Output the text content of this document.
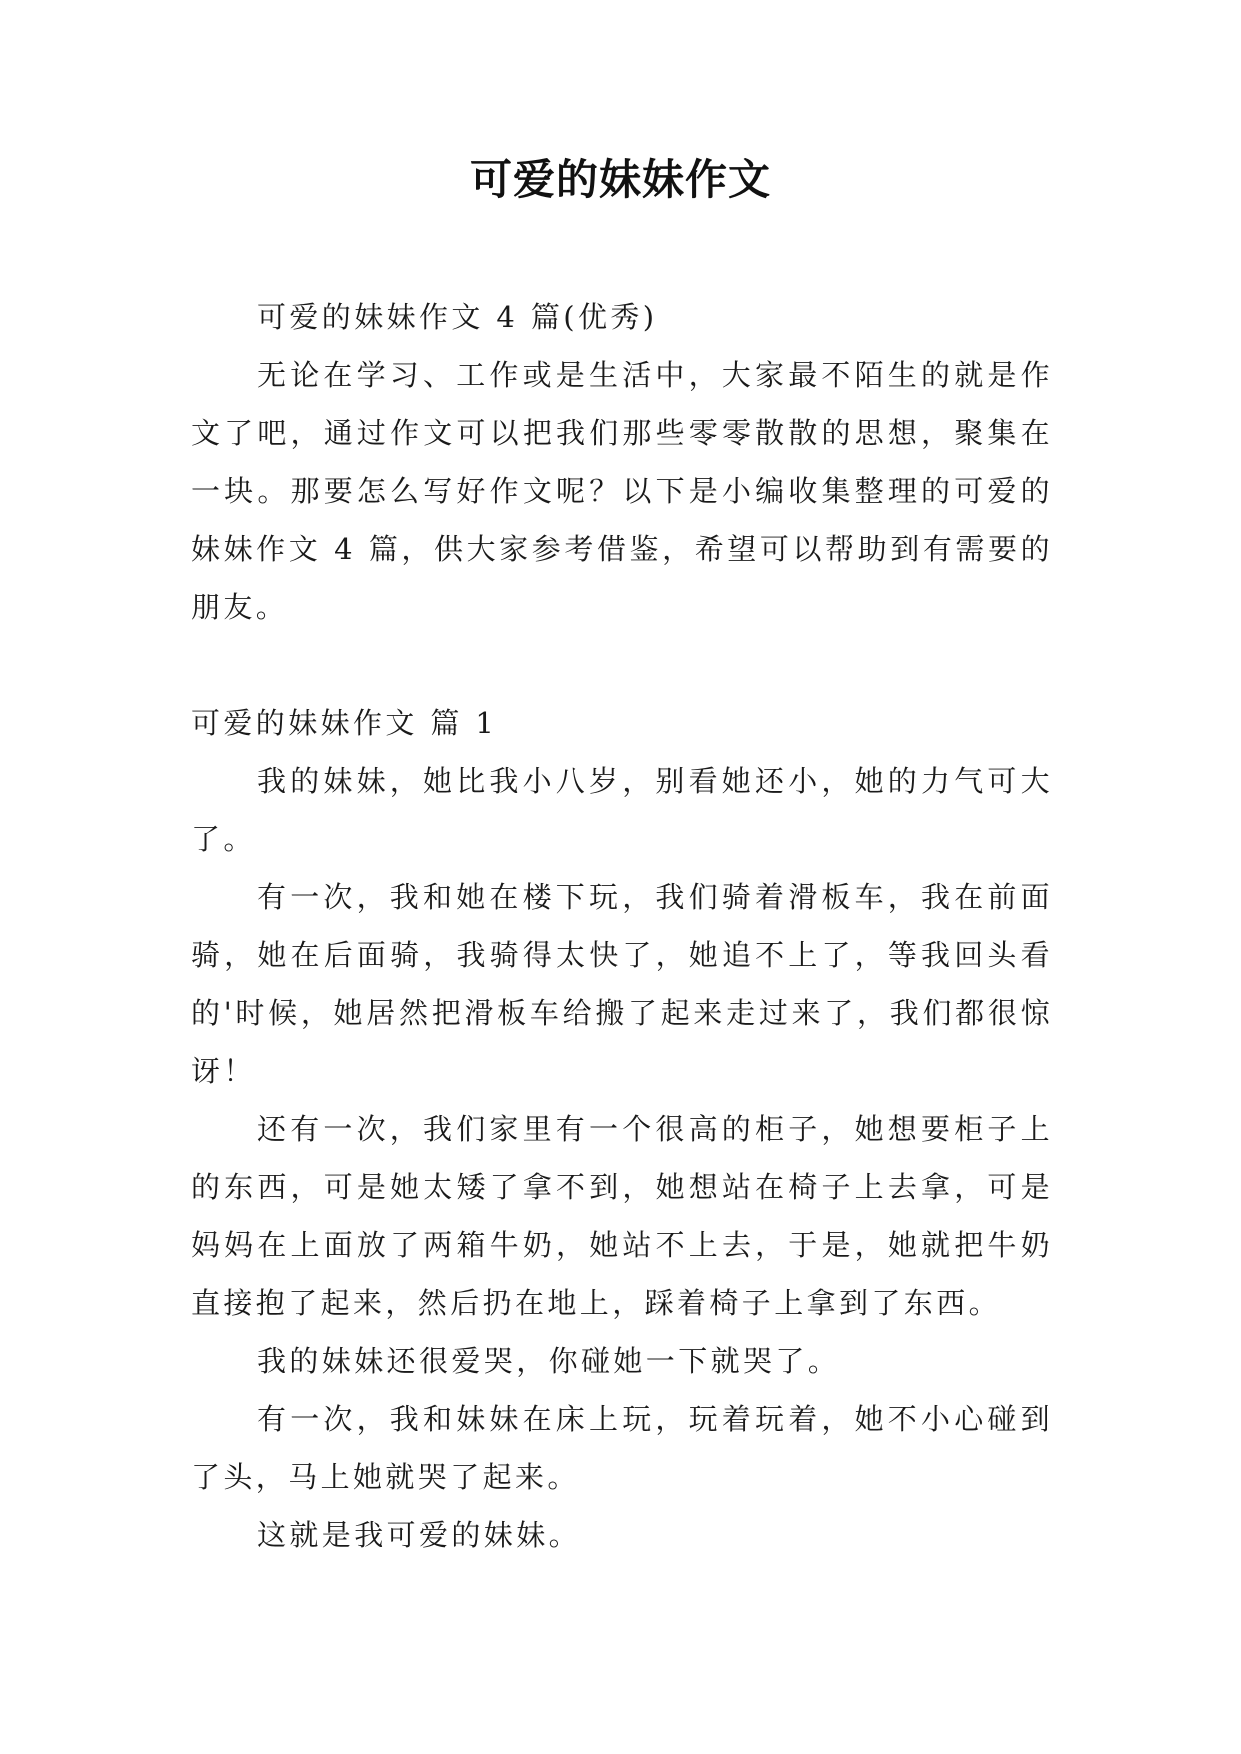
可爱的妹妹作文

可爱的妹妹作文 4 篇(优秀)

无论在学习、工作或是生活中，大家最不陌生的就是作文了吧，通过作文可以把我们那些零零散散的思想，聚集在一块。那要怎么写好作文呢？以下是小编收集整理的可爱的妹妹作文 4 篇，供大家参考借鉴，希望可以帮助到有需要的朋友。

可爱的妹妹作文 篇 1

我的妹妹，她比我小八岁，别看她还小，她的力气可大了。

有一次，我和她在楼下玩，我们骑着滑板车，我在前面骑，她在后面骑，我骑得太快了，她追不上了，等我回头看的'时候，她居然把滑板车给搬了起来走过来了，我们都很惊讶！

还有一次，我们家里有一个很高的柜子，她想要柜子上的东西，可是她太矮了拿不到，她想站在椅子上去拿，可是妈妈在上面放了两箱牛奶，她站不上去，于是，她就把牛奶直接抱了起来，然后扔在地上，踩着椅子上拿到了东西。

我的妹妹还很爱哭，你碰她一下就哭了。

有一次，我和妹妹在床上玩，玩着玩着，她不小心碰到了头，马上她就哭了起来。

这就是我可爱的妹妹。
